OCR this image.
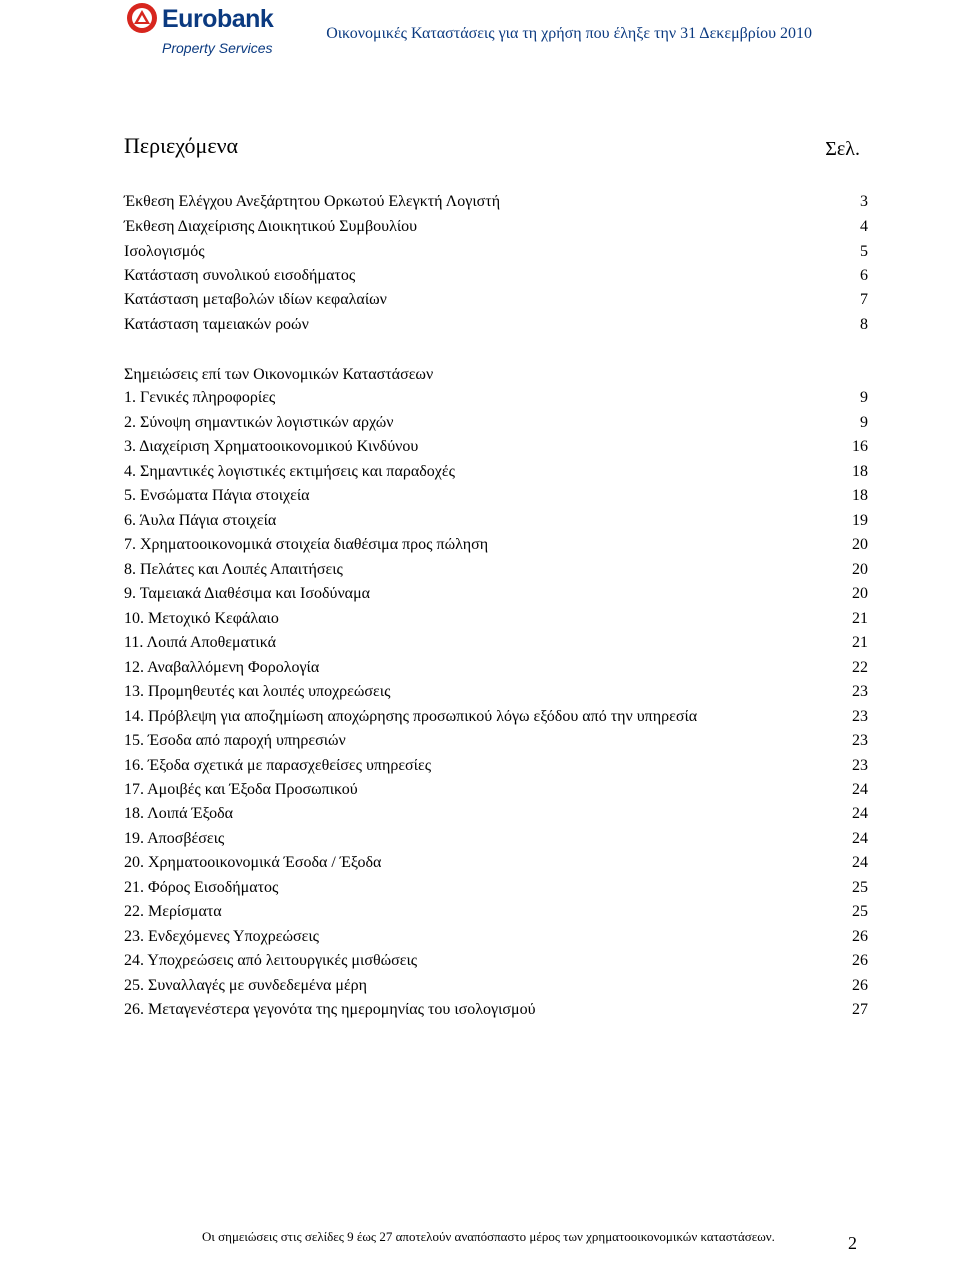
Eurobank
Property Services
Οικονομικές Καταστάσεις για τη χρήση που έληξε την 31 Δεκεμβρίου 2010
Περιεχόμενα	Σελ.
Έκθεση Ελέγχου Ανεξάρτητου Ορκωτού Ελεγκτή Λογιστή	3
Έκθεση Διαχείρισης Διοικητικού Συμβουλίου	4
Ισολογισμός	5
Κατάσταση συνολικού εισοδήματος	6
Κατάσταση μεταβολών ιδίων κεφαλαίων	7
Κατάσταση ταμειακών ροών	8
Σημειώσεις επί των Οικονομικών Καταστάσεων
1. Γενικές πληροφορίες	9
2. Σύνοψη σημαντικών λογιστικών αρχών	9
3. Διαχείριση Χρηματοοικονομικού Κινδύνου	16
4. Σημαντικές λογιστικές εκτιμήσεις και παραδοχές	18
5. Ενσώματα Πάγια στοιχεία	18
6. Άυλα Πάγια στοιχεία	19
7. Χρηματοοικονομικά στοιχεία διαθέσιμα προς πώληση	20
8. Πελάτες και Λοιπές Απαιτήσεις	20
9. Ταμειακά Διαθέσιμα και Ισοδύναμα	20
10. Μετοχικό Κεφάλαιο	21
11. Λοιπά Αποθεματικά	21
12. Αναβαλλόμενη Φορολογία	22
13. Προμηθευτές και λοιπές υποχρεώσεις	23
14. Πρόβλεψη για αποζημίωση αποχώρησης προσωπικού λόγω εξόδου από την υπηρεσία	23
15. Έσοδα από παροχή υπηρεσιών	23
16. Έξοδα σχετικά με παρασχεθείσες υπηρεσίες	23
17. Αμοιβές και Έξοδα Προσωπικού	24
18. Λοιπά Έξοδα	24
19. Αποσβέσεις	24
20. Χρηματοοικονομικά Έσοδα / Έξοδα	24
21. Φόρος Εισοδήματος	25
22. Μερίσματα	25
23. Ενδεχόμενες Υποχρεώσεις	26
24. Υποχρεώσεις από λειτουργικές μισθώσεις	26
25. Συναλλαγές με συνδεδεμένα μέρη	26
26. Μεταγενέστερα γεγονότα της ημερομηνίας του ισολογισμού	27
Οι σημειώσεις στις σελίδες 9 έως 27 αποτελούν αναπόσπαστο μέρος των χρηματοοικονομικών καταστάσεων.	2
